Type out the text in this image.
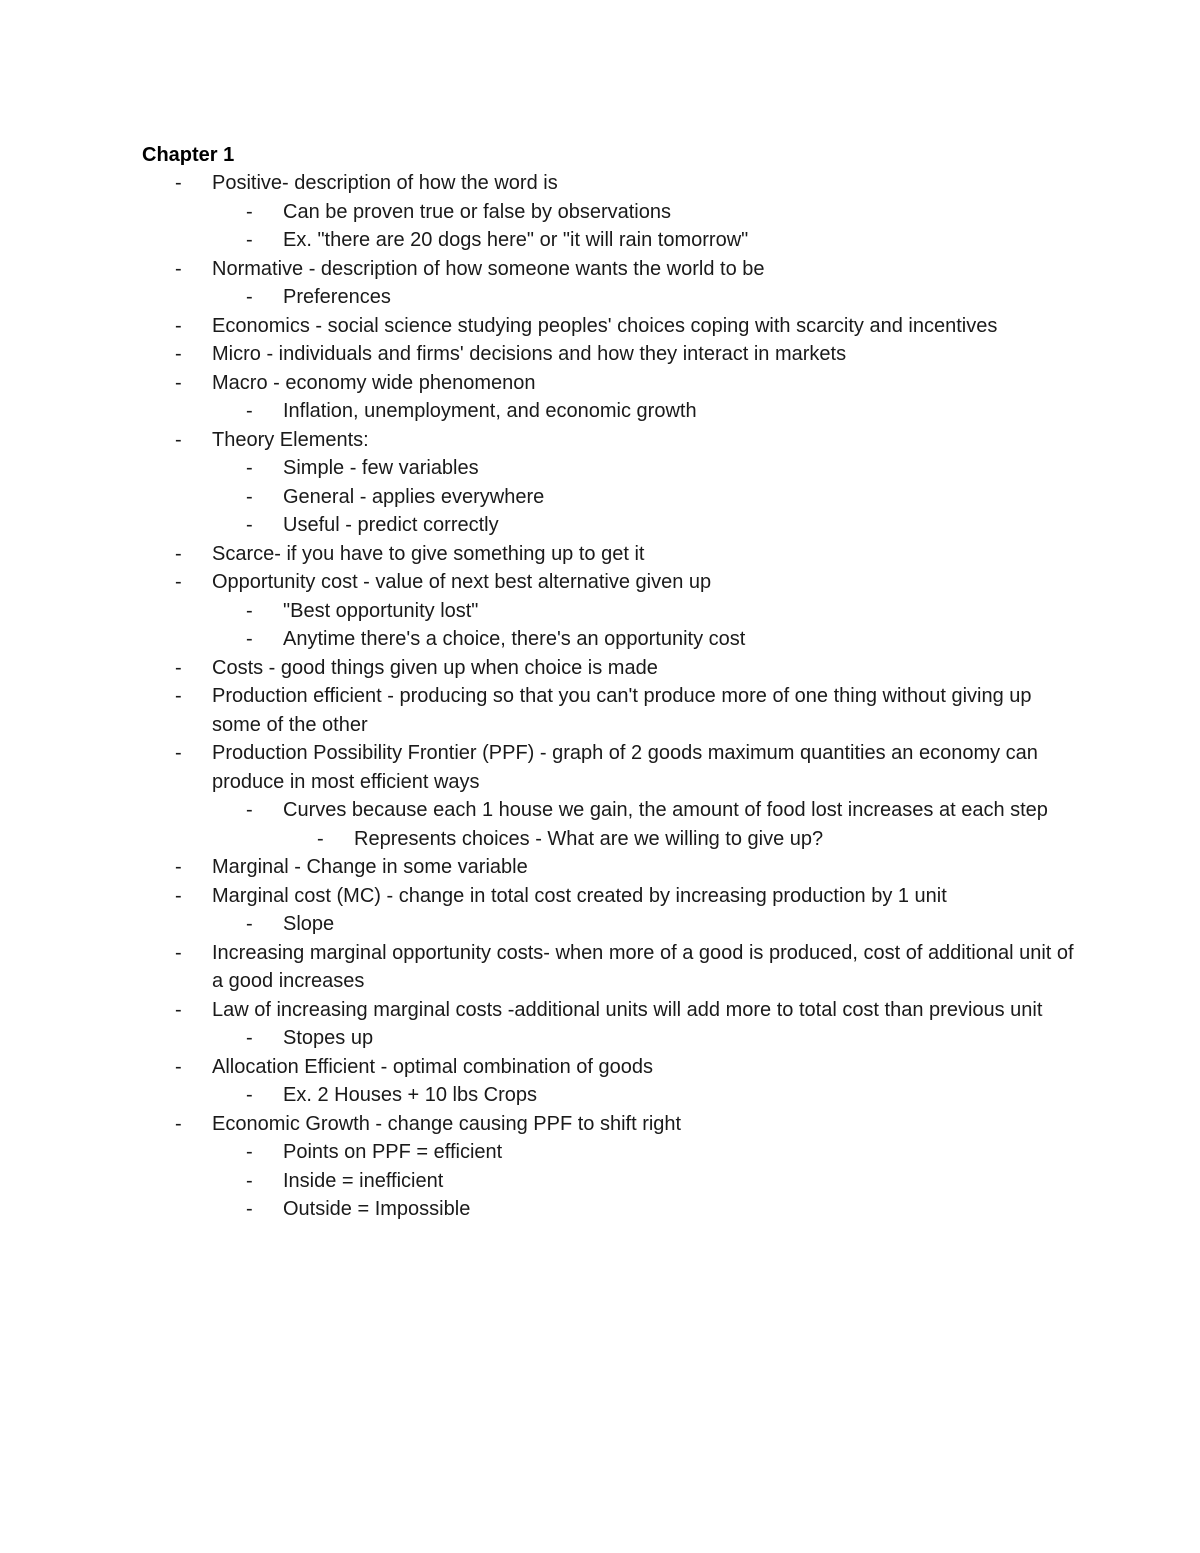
Chapter 1
-	Positive- description of how the word is
-	Can be proven true or false by observations
-	Ex. "there are 20 dogs here" or "it will rain tomorrow"
-	Normative - description of how someone wants the world to be
-	Preferences
-	Economics - social science studying peoples' choices coping with scarcity and incentives
-	Micro - individuals and firms' decisions and how they interact in markets
-	Macro - economy wide phenomenon
-	Inflation, unemployment, and economic growth
-	Theory Elements:
-	Simple - few variables
-	General - applies everywhere
-	Useful - predict correctly
-	Scarce- if you have to give something up to get it
-	Opportunity cost - value of next best alternative given up
-	"Best opportunity lost"
-	Anytime there's a choice, there's an opportunity cost
-	Costs - good things given up when choice is made
-	Production efficient - producing so that you can't produce more of one thing without giving up some of the other
-	Production Possibility Frontier (PPF) - graph of 2 goods maximum quantities an economy can produce in most efficient ways
-	Curves because each 1 house we gain, the amount of food lost increases at each step
-	Represents choices - What are we willing to give up?
-	Marginal - Change in some variable
-	Marginal cost (MC) - change in total cost created by increasing production by 1 unit
-	Slope
-	Increasing marginal opportunity costs- when more of a good is produced, cost of additional unit of a good increases
-	Law of increasing marginal costs -additional units will add more to total cost than previous unit
-	Stopes up
-	Allocation Efficient - optimal combination of goods
-	Ex. 2 Houses + 10 lbs Crops
-	Economic Growth - change causing PPF to shift right
-	Points on PPF = efficient
-	Inside = inefficient
-	Outside = Impossible
